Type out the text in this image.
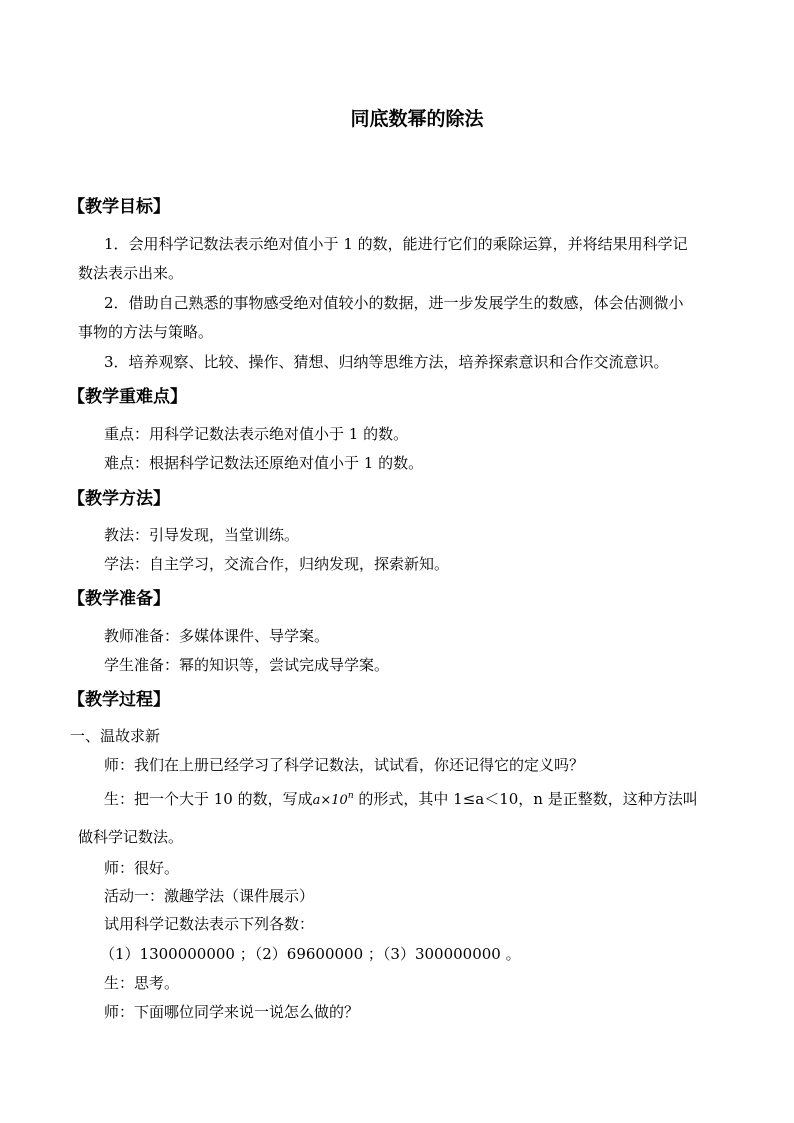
同底数幂的除法
【教学目标】
1．会用科学记数法表示绝对值小于 1 的数，能进行它们的乘除运算，并将结果用科学记
数法表示出来。
2．借助自己熟悉的事物感受绝对值较小的数据，进一步发展学生的数感，体会估测微小
事物的方法与策略。
3．培养观察、比较、操作、猜想、归纳等思维方法，培养探索意识和合作交流意识。
【教学重难点】
重点：用科学记数法表示绝对值小于 1 的数。
难点：根据科学记数法还原绝对值小于 1 的数。
【教学方法】
教法：引导发现，当堂训练。
学法：自主学习，交流合作，归纳发现，探索新知。
【教学准备】
教师准备：多媒体课件、导学案。
学生准备：幂的知识等，尝试完成导学案。
【教学过程】
一、温故求新
师：我们在上册已经学习了科学记数法，试试看，你还记得它的定义吗？
生：把一个大于 10 的数，写成$a\times 10^n$ 的形式，其中 1≤a＜10，n 是正整数，这种方法叫
做科学记数法。
师：很好。
活动一：激趣学法（课件展示）
试用科学记数法表示下列各数：
（1）1300000000 ；（2）69600000 ；（3）300000000 。
生：思考。
师：下面哪位同学来说一说怎么做的？
